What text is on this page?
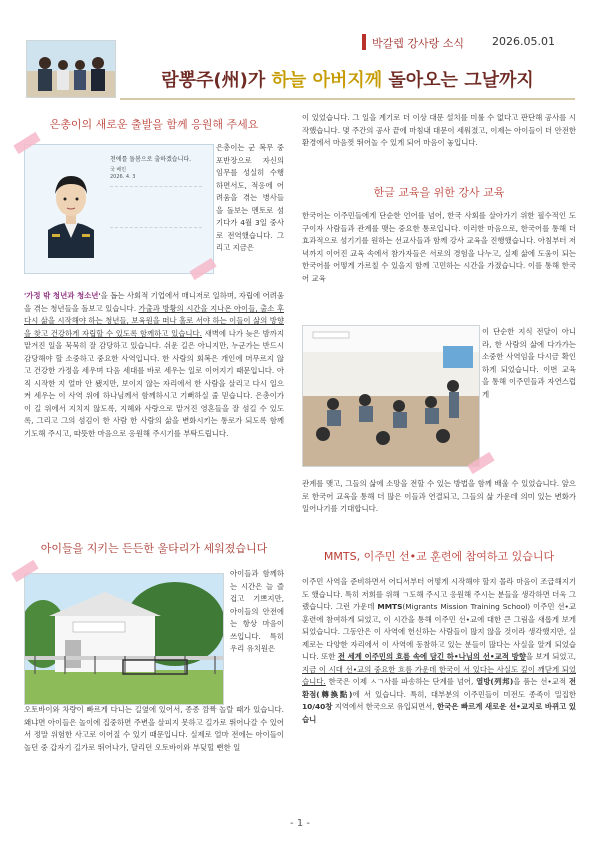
박갈렙 강사랑 소식	2026.05.01
람뽕주(州)가 하늘 아버지께 돌아오는 그날까지
은총이의 새로운 출발을 함께 응원해 주세요
천에를 돌봄으로 출하겠습니다.
국 배민
2026. 4. 3
은총이는 군 복무 중 포반장으로 자신의 임무를 성실히 수행하면서도, 적응에 어려움을 겪는 병사들을 돌보는 멘토로 섬기다가 4월 3일 중사로 전역했습니다. 그리고 지금은
'가정 밖 청년과 청소년'을 돕는 사회적 기업에서 매니저로 일하며, 자립에 어려움을 겪는 청년들을 돌보고 있습니다. 가출과 방황의 시간을 지나온 아이들, 출소 후 다시 삶을 시작해야 하는 청년들, 보육원을 떠나 홀로 서야 하는 이들이 삶의 방향을 찾고 건강하게 자립할 수 있도록 함께하고 있습니다. 새벽에 나가 늦은 밤까지 맡겨진 일을 묵묵히 잘 감당하고 있습니다. 쉬운 길은 아니지만, 누군가는 반드시 감당해야 할 소중하고 중요한 사역입니다. 한 사람의 회복은 개인에 머무르지 않고 건강한 가정을 세우며 다음 세대를 바로 세우는 일로 이어지기 때문입니다. 아직 시작한 지 얼마 안 됐지만, 보이지 않는 자리에서 한 사람을 살리고 다시 일으켜 세우는 이 사역 위에 하나님께서 함께하시고 기뻐하실 줄 믿습니다. 은총이가 이 길 위에서 지치지 않도록, 지혜와 사랑으로 맡겨진 영혼들을 잘 섬길 수 있도록, 그리고 그의 섬김이 한 사람 한 사람의 삶을 변화시키는 통로가 되도록 함께 기도해 주시고, 따뜻한 마음으로 응원해 주시기를 부탁드립니다.
아이들을 지키는 든든한 울타리가 세워졌습니다
아이들과 함께하는 시간은 늘 즐겁고 기쁘지만, 아이들의 안전에는 항상 마음이 쓰입니다. 특히 우리 유치원은
오토바이와 차량이 빠르게 다니는 길옆에 있어서, 종종 깜짝 놀랄 때가 있습니다. 왜냐면 아이들은 놀이에 집중하면 주변을 살피지 못하고 길가로 뛰어나갈 수 있어서 정말 위험한 사고로 이어질 수 있기 때문입니다. 실제로 얼마 전에는 아이들이 놀던 중 갑자기 길가로 뛰어나가, 달리던 오토바이와 부딪힐 뻔한 일
이 있었습니다. 그 일을 계기로 더 이상 대문 설치를 미룰 수 없다고 판단해 공사를 시작했습니다. 몇 주간의 공사 끝에 마침내 대문이 세워졌고, 이제는 아이들이 더 안전한 환경에서 마음껏 뛰어놀 수 있게 되어 마음이 놓입니다.
한글 교육을 위한 강사 교육
한국어는 이주민들에게 단순한 언어를 넘어, 한국 사회를 살아가기 위한 필수적인 도구이자 사람들과 관계를 맺는 중요한 통로입니다. 이러한 마음으로, 한국어를 통해 더 효과적으로 섬기기를 원하는 선교사들과 함께 강사 교육을 진행했습니다. 아침부터 저녁까지 이어진 교육 속에서 참가자들은 서로의 경험을 나누고, 실제 삶에 도움이 되는 한국어를 어떻게 가르칠 수 있을지 함께 고민하는 시간을 가졌습니다. 이를 통해 한국어 교육
이 단순한 지식 전달이 아니라, 한 사람의 삶에 다가가는 소중한 사역임을 다시금 확인하게 되었습니다. 이번 교육을 통해 이주민들과 자연스럽게
관계를 맺고, 그들의 삶에 소망을 전할 수 있는 방법을 함께 배울 수 있었습니다. 앞으로 한국어 교육을 통해 더 많은 이들과 연결되고, 그들의 삶 가운데 의미 있는 변화가 일어나기를 기대합니다.
MMTS, 이주민 선•교 훈련에 참여하고 있습니다
이주민 사역을 준비하면서 어디서부터 어떻게 시작해야 할지 몰라 마음이 조급해지기도 했습니다. 특히 저희를 위해 ㄱ도해 주시고 응원해 주시는 분들을 생각하면 더욱 그랬습니다. 그런 가운데 MMTS(Migrants Mission Training School) 이주민 선•교 훈련에 참여하게 되었고, 이 시간을 통해 이주민 선•교에 대한 큰 그림을 새롭게 보게 되었습니다. 그동안은 이 사역에 헌신하는 사람들이 많지 않을 것이라 생각했지만, 실제로는 다양한 자리에서 이 사역에 동참하고 있는 분들이 많다는 사실을 알게 되었습니다. 또한 전 세계 이주민의 흐름 속에 담긴 하•나님의 선•교적 방향을 보게 되었고, 지금 이 시대 선•교의 중요한 흐름 가운데 한국이 서 있다는 사실도 깊이 깨닫게 되었습니다. 한국은 이제 ㅅㄱ사를 파송하는 단계를 넘어, 열방(列邦)을 품는 선•교적 전환점(轉換點)에 서 있습니다. 특히, 대부분의 이주민들이 미전도 종족이 밀집한 10/40창 지역에서 한국으로 유입되면서, 한국은 빠르게 새로운 선•교지로 바뀌고 있습니
- 1 -
